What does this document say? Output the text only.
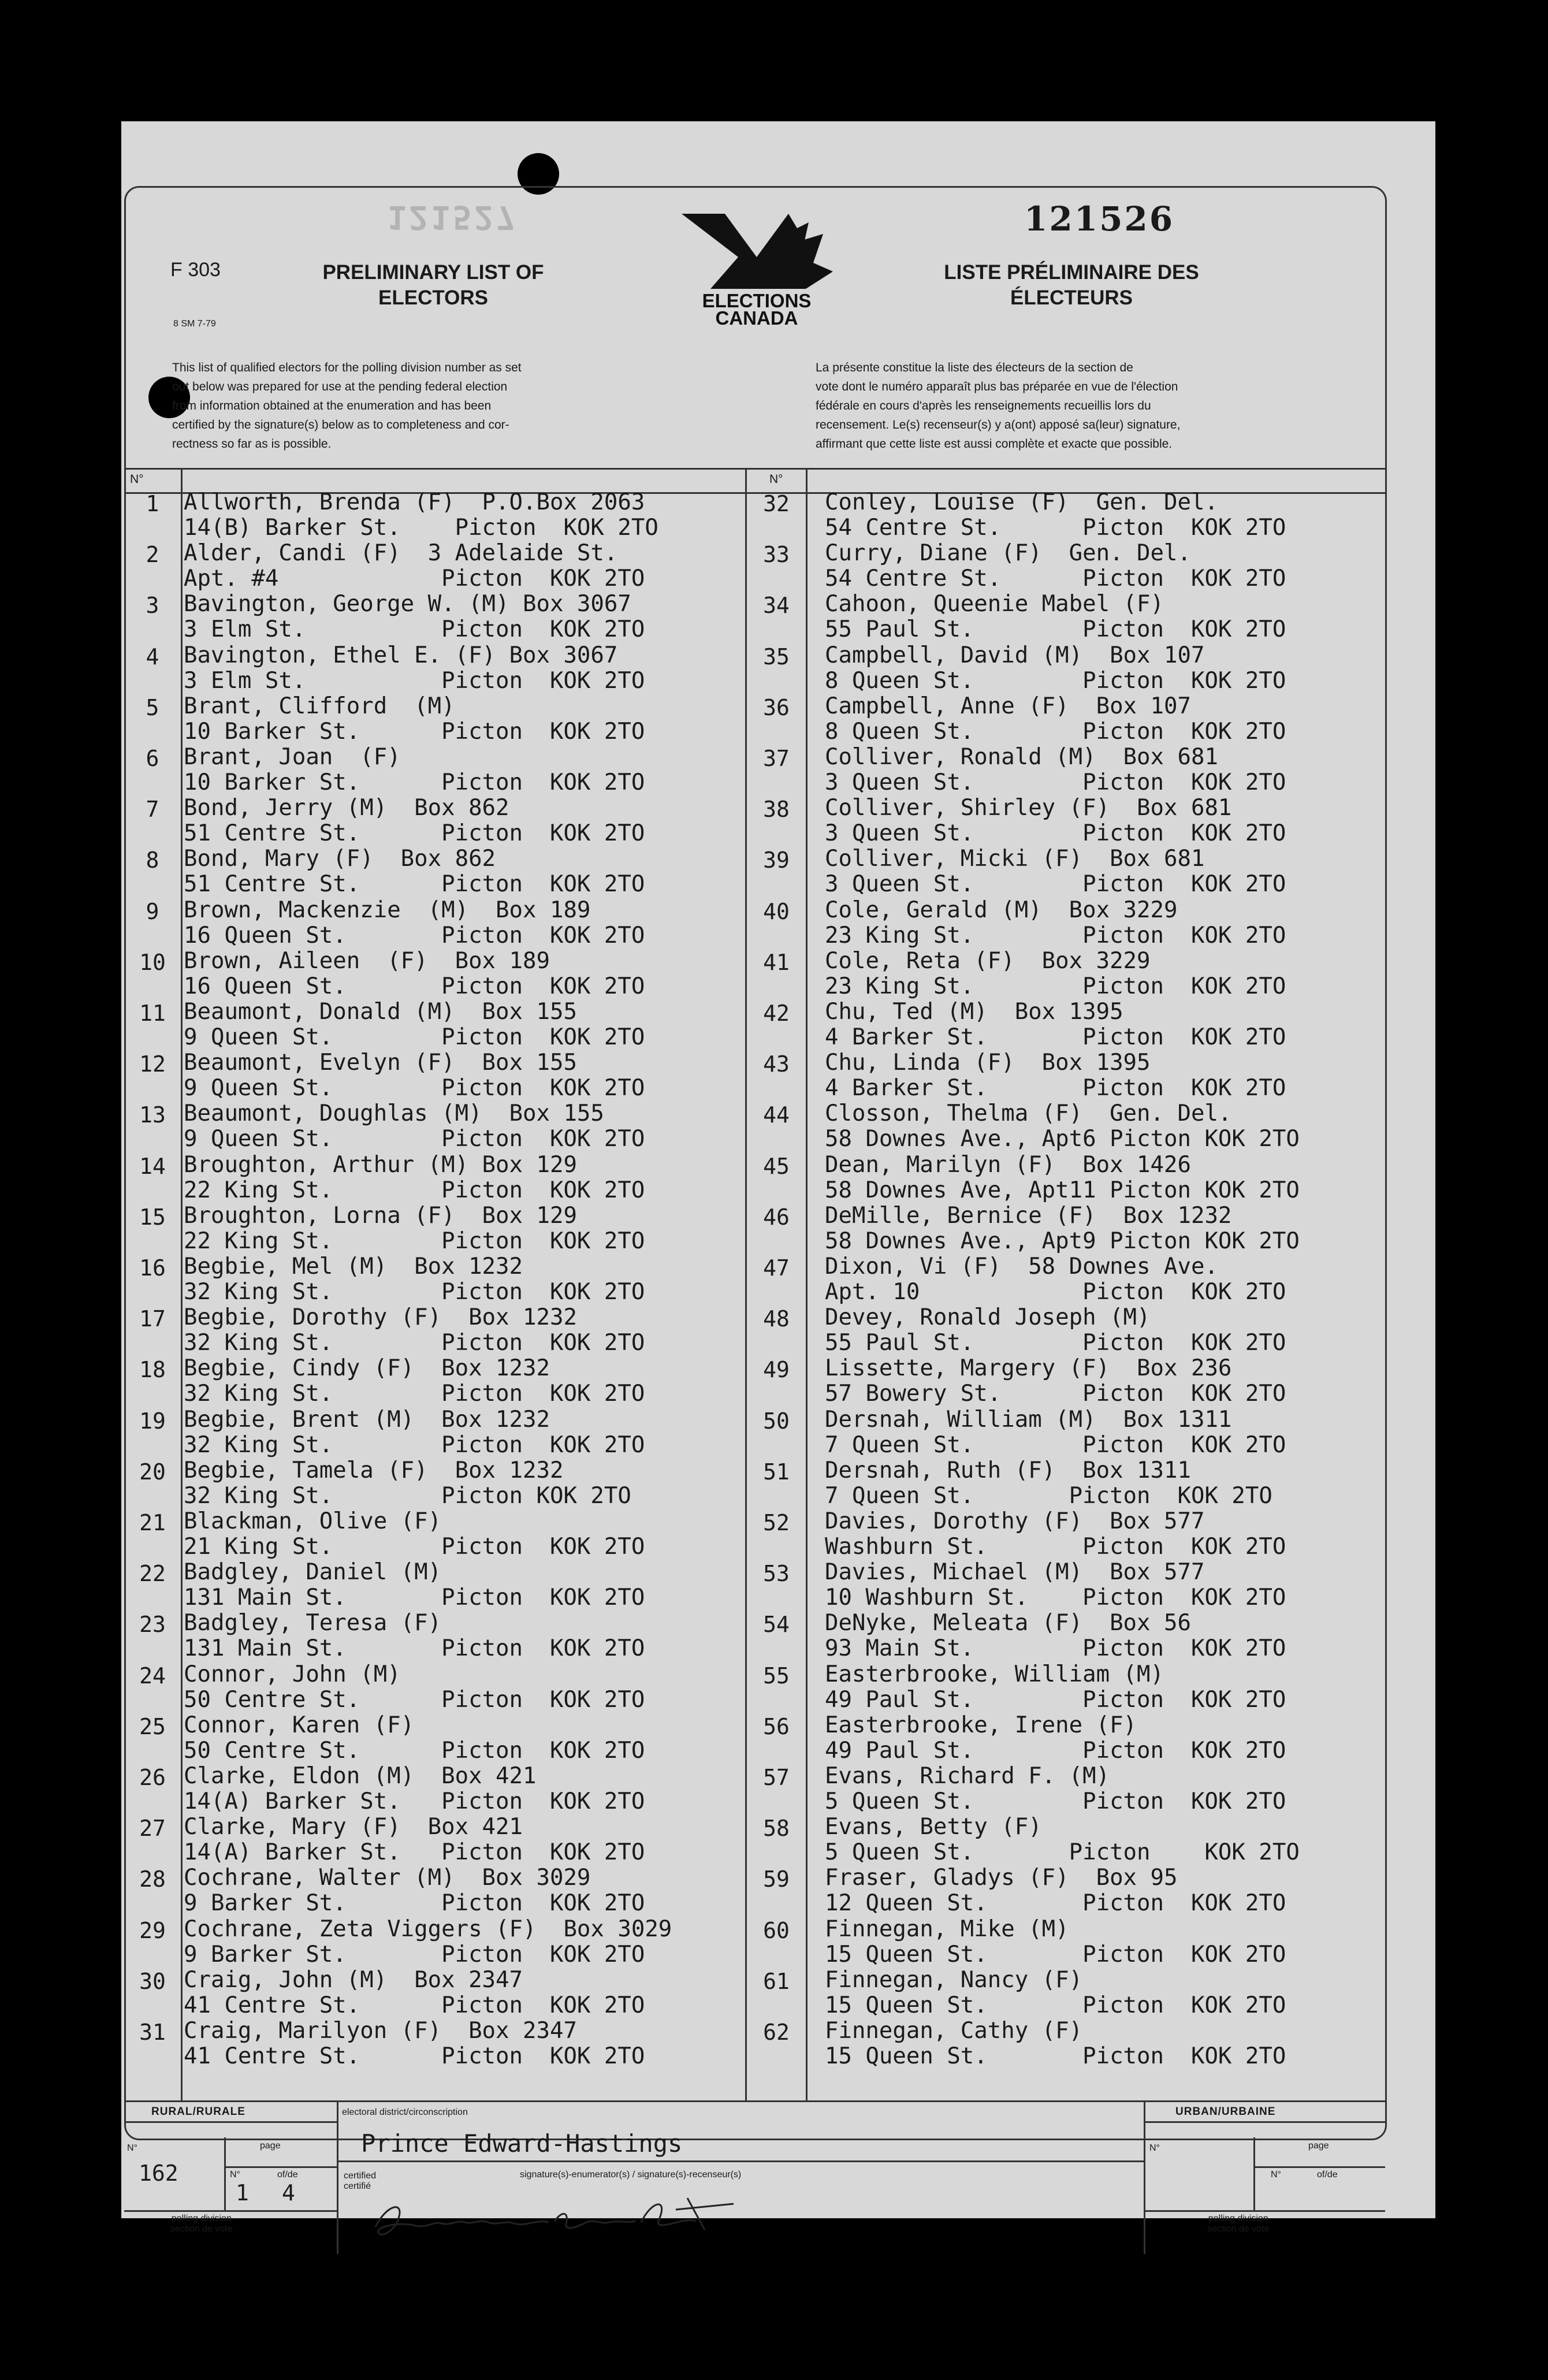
121527	121526
F 303
8 SM 7-79
PRELIMINARY LIST OF
ELECTORS
LISTE PRÉLIMINAIRE DES
ÉLECTEURS
ELECTIONS
CANADA
This list of qualified electors for the polling division number as set
out below was prepared for use at the pending federal election
from information obtained at the enumeration and has been
certified by the signature(s) below as to completeness and cor-
rectness so far as is possible.
La présente constitue la liste des électeurs de la section de
vote dont le numéro apparaît plus bas préparée en vue de l'élection
fédérale en cours d'après les renseignements recueillis lors du
recensement. Le(s) recenseur(s) y a(ont) apposé sa(leur) signature,
affirmant que cette liste est aussi complète et exacte que possible.
N°	N°
1	Allworth, Brenda (F)  P.O.Box 2063
14(B) Barker St.    Picton  KOK 2TO
2	Alder, Candi (F)  3 Adelaide St.
Apt. #4            Picton  KOK 2TO
3	Bavington, George W. (M) Box 3067
3 Elm St.          Picton  KOK 2TO
4	Bavington, Ethel E. (F) Box 3067
3 Elm St.          Picton  KOK 2TO
5	Brant, Clifford  (M)
10 Barker St.      Picton  KOK 2TO
6	Brant, Joan  (F)
10 Barker St.      Picton  KOK 2TO
7	Bond, Jerry (M)  Box 862
51 Centre St.      Picton  KOK 2TO
8	Bond, Mary (F)  Box 862
51 Centre St.      Picton  KOK 2TO
9	Brown, Mackenzie  (M)  Box 189
16 Queen St.       Picton  KOK 2TO
10 Brown, Aileen  (F)  Box 189
16 Queen St.       Picton  KOK 2TO
11 Beaumont, Donald (M)  Box 155
9 Queen St.        Picton  KOK 2TO
12 Beaumont, Evelyn (F)  Box 155
9 Queen St.        Picton  KOK 2TO
13 Beaumont, Doughlas (M)  Box 155
9 Queen St.        Picton  KOK 2TO
14 Broughton, Arthur (M) Box 129
22 King St.        Picton  KOK 2TO
15 Broughton, Lorna (F)  Box 129
22 King St.        Picton  KOK 2TO
16 Begbie, Mel (M)  Box 1232
32 King St.        Picton  KOK 2TO
17 Begbie, Dorothy (F)  Box 1232
32 King St.        Picton  KOK 2TO
18 Begbie, Cindy (F)  Box 1232
32 King St.        Picton  KOK 2TO
19 Begbie, Brent (M)  Box 1232
32 King St.        Picton  KOK 2TO
20 Begbie, Tamela (F)  Box 1232
32 King St.        Picton KOK 2TO
21 Blackman, Olive (F)
21 King St.        Picton  KOK 2TO
22 Badgley, Daniel (M)
131 Main St.       Picton  KOK 2TO
23 Badgley, Teresa (F)
131 Main St.       Picton  KOK 2TO
24 Connor, John (M)
50 Centre St.      Picton  KOK 2TO
25 Connor, Karen (F)
50 Centre St.      Picton  KOK 2TO
26 Clarke, Eldon (M)  Box 421
14(A) Barker St.   Picton  KOK 2TO
27 Clarke, Mary (F)  Box 421
14(A) Barker St.   Picton  KOK 2TO
28 Cochrane, Walter (M)  Box 3029
9 Barker St.       Picton  KOK 2TO
29 Cochrane, Zeta Viggers (F)  Box 3029
9 Barker St.       Picton  KOK 2TO
30 Craig, John (M)  Box 2347
41 Centre St.      Picton  KOK 2TO
31 Craig, Marilyon (F)  Box 2347
41 Centre St.      Picton  KOK 2TO
32	Conley, Louise (F)  Gen. Del.
54 Centre St.      Picton  KOK 2TO
33	Curry, Diane (F)  Gen. Del.
54 Centre St.      Picton  KOK 2TO
34	Cahoon, Queenie Mabel (F)
55 Paul St.        Picton  KOK 2TO
35	Campbell, David (M)  Box 107
8 Queen St.        Picton  KOK 2TO
36	Campbell, Anne (F)  Box 107
8 Queen St.        Picton  KOK 2TO
37	Colliver, Ronald (M)  Box 681
3 Queen St.        Picton  KOK 2TO
38	Colliver, Shirley (F)  Box 681
3 Queen St.        Picton  KOK 2TO
39	Colliver, Micki (F)  Box 681
3 Queen St.        Picton  KOK 2TO
40	Cole, Gerald (M)  Box 3229
23 King St.        Picton  KOK 2TO
41	Cole, Reta (F)  Box 3229
23 King St.        Picton  KOK 2TO
42	Chu, Ted (M)  Box 1395
4 Barker St.       Picton  KOK 2TO
43	Chu, Linda (F)  Box 1395
4 Barker St.       Picton  KOK 2TO
44	Closson, Thelma (F)  Gen. Del.
58 Downes Ave., Apt6 Picton KOK 2TO
45	Dean, Marilyn (F)  Box 1426
58 Downes Ave, Apt11 Picton KOK 2TO
46	DeMille, Bernice (F)  Box 1232
58 Downes Ave., Apt9 Picton KOK 2TO
47	Dixon, Vi (F)  58 Downes Ave.
Apt. 10            Picton  KOK 2TO
48	Devey, Ronald Joseph (M)
55 Paul St.        Picton  KOK 2TO
49	Lissette, Margery (F)  Box 236
57 Bowery St.      Picton  KOK 2TO
50	Dersnah, William (M)  Box 1311
7 Queen St.        Picton  KOK 2TO
51	Dersnah, Ruth (F)  Box 1311
7 Queen St.       Picton  KOK 2TO
52	Davies, Dorothy (F)  Box 577
Washburn St.       Picton  KOK 2TO
53	Davies, Michael (M)  Box 577
10 Washburn St.    Picton  KOK 2TO
54	DeNyke, Meleata (F)  Box 56
93 Main St.        Picton  KOK 2TO
55	Easterbrooke, William (M)
49 Paul St.        Picton  KOK 2TO
56	Easterbrooke, Irene (F)
49 Paul St.        Picton  KOK 2TO
57	Evans, Richard F. (M)
5 Queen St.        Picton  KOK 2TO
58	Evans, Betty (F)
5 Queen St.       Picton    KOK 2TO
59	Fraser, Gladys (F)  Box 95
12 Queen St.       Picton  KOK 2TO
60	Finnegan, Mike (M)
15 Queen St.       Picton  KOK 2TO
61	Finnegan, Nancy (F)
15 Queen St.       Picton  KOK 2TO
62	Finnegan, Cathy (F)
15 Queen St.       Picton  KOK 2TO
RURAL/RURALE	URBAN/URBAINE
N°	N°
162
page	page
N°	of/de	N°	of/de
1 4
polling division
section de vote
polling division
section de vote
electoral district/circonscription
Prince Edward-Hastings
certified
certifié
signature(s)-enumerator(s) / signature(s)-recenseur(s)
